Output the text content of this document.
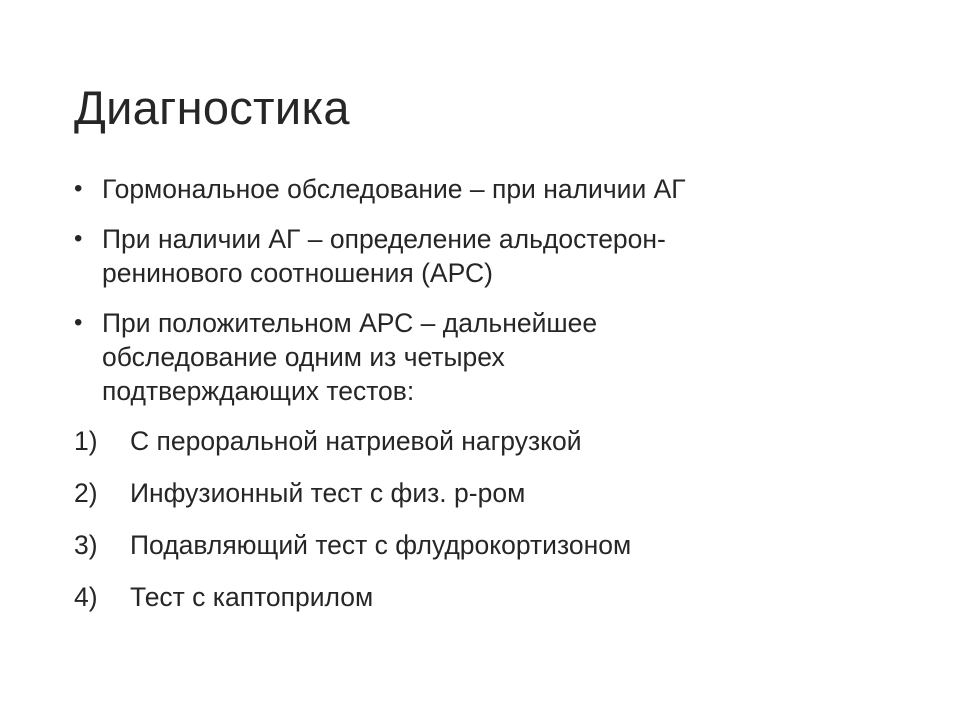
Диагностика
• Гормональное обследование – при наличии АГ
• При наличии АГ – определение альдостерон-
ренинового соотношения (АРС)
• При положительном АРС – дальнейшее
обследование одним из четырех
подтверждающих тестов:
1)	С пероральной натриевой нагрузкой
2)	Инфузионный тест с физ. р-ром
3)	Подавляющий тест с флудрокортизоном
4)	Тест с каптоприлом
